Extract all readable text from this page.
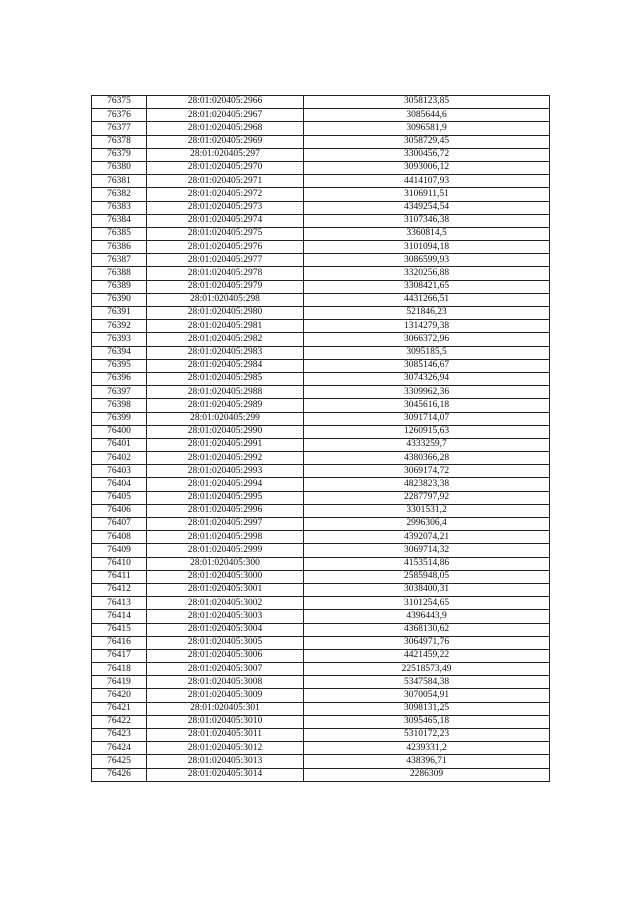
76375	28:01:020405:2966	3058123,85
76376	28:01:020405:2967	3085644,6
76377	28:01:020405:2968	3096581,9
76378	28:01:020405:2969	3058729,45
76379	28:01:020405:297	3300456,72
76380	28:01:020405:2970	3093006,12
76381	28:01:020405:2971	4414107,93
76382	28:01:020405:2972	3106911,51
76383	28:01:020405:2973	4349254,54
76384	28:01:020405:2974	3107346,38
76385	28:01:020405:2975	3360814,5
76386	28:01:020405:2976	3101094,18
76387	28:01:020405:2977	3086599,93
76388	28:01:020405:2978	3320256,88
76389	28:01:020405:2979	3308421,65
76390	28:01:020405:298	4431266,51
76391	28:01:020405:2980	521846,23
76392	28:01:020405:2981	1314279,38
76393	28:01:020405:2982	3066372,96
76394	28:01:020405:2983	3095185,5
76395	28:01:020405:2984	3085146,67
76396	28:01:020405:2985	3074326,94
76397	28:01:020405:2988	3309962,36
76398	28:01:020405:2989	3045616,18
76399	28:01:020405:299	3091714,07
76400	28:01:020405:2990	1260915,63
76401	28:01:020405:2991	4333259,7
76402	28:01:020405:2992	4380366,28
76403	28:01:020405:2993	3069174,72
76404	28:01:020405:2994	4823823,38
76405	28:01:020405:2995	2287797,92
76406	28:01:020405:2996	3301531,2
76407	28:01:020405:2997	2996306,4
76408	28:01:020405:2998	4392074,21
76409	28:01:020405:2999	3069714,32
76410	28:01:020405:300	4153514,86
76411	28:01:020405:3000	2585948,05
76412	28:01:020405:3001	3038400,31
76413	28:01:020405:3002	3101254,65
76414	28:01:020405:3003	4396443,9
76415	28:01:020405:3004	4368130,62
76416	28:01:020405:3005	3064971,76
76417	28:01:020405:3006	4421459,22
76418	28:01:020405:3007	22518573,49
76419	28:01:020405:3008	5347584,38
76420	28:01:020405:3009	3070054,91
76421	28:01:020405:301	3098131,25
76422	28:01:020405:3010	3095465,18
76423	28:01:020405:3011	5310172,23
76424	28:01:020405:3012	4239331,2
76425	28:01:020405:3013	438396,71
76426	28:01:020405:3014	2286309
